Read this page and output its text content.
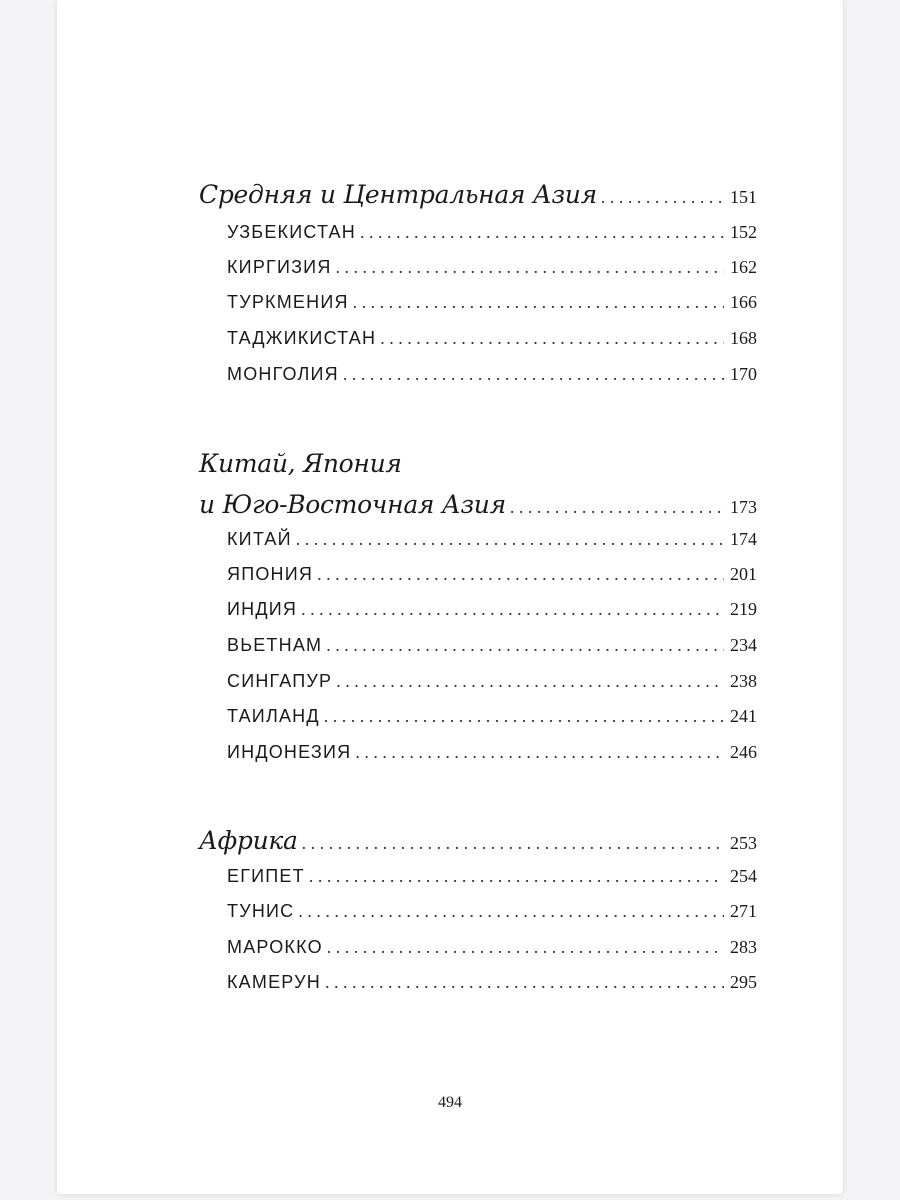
Средняя и Центральная Азия . . .	151
УЗБЕКИСТАН . . .	152
КИРГИЗИЯ . . .	162
ТУРКМЕНИЯ . . .	166
ТАДЖИКИСТАН . . .	168
МОНГОЛИЯ . . .	170
Китай, Япония
и Юго-Восточная Азия . . .	173
КИТАЙ . . .	174
ЯПОНИЯ . . .	201
ИНДИЯ . . .	219
ВЬЕТНАМ . . .	234
СИНГАПУР . . .	238
ТАИЛАНД . . .	241
ИНДОНЕЗИЯ . . .	246
Африка . . .	253
ЕГИПЕТ . . .	254
ТУНИС . . .	271
МАРОККО . . .	283
КАМЕРУН . . .	295
494
